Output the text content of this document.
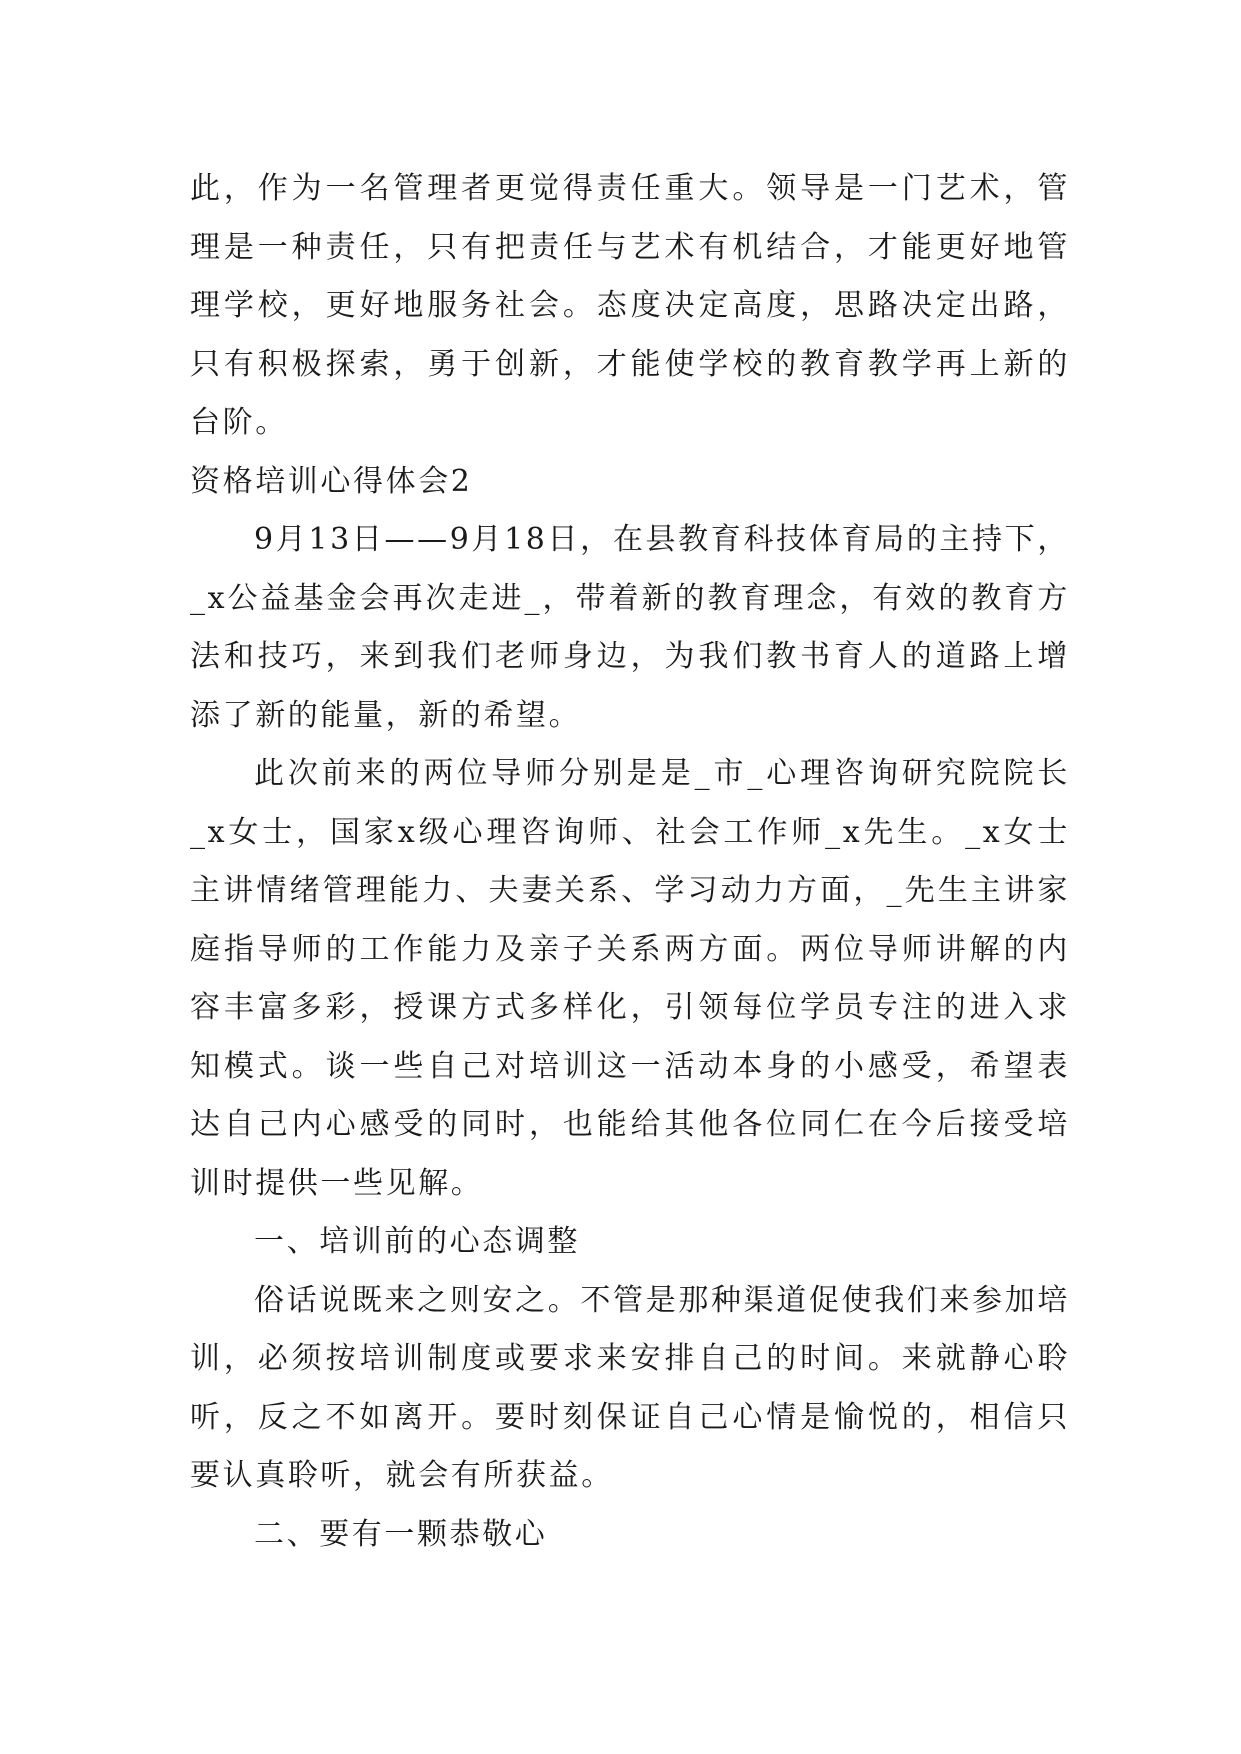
此，作为一名管理者更觉得责任重大。领导是一门艺术，管理是一种责任，只有把责任与艺术有机结合，才能更好地管理学校，更好地服务社会。态度决定高度，思路决定出路，只有积极探索，勇于创新，才能使学校的教育教学再上新的台阶。

资格培训心得体会2

9月13日——9月18日，在县教育科技体育局的主持下，_x公益基金会再次走进_，带着新的教育理念，有效的教育方法和技巧，来到我们老师身边，为我们教书育人的道路上增添了新的能量，新的希望。

此次前来的两位导师分别是是_市_心理咨询研究院院长_x女士，国家x级心理咨询师、社会工作师_x先生。_x女士主讲情绪管理能力、夫妻关系、学习动力方面，_先生主讲家庭指导师的工作能力及亲子关系两方面。两位导师讲解的内容丰富多彩，授课方式多样化，引领每位学员专注的进入求知模式。谈一些自己对培训这一活动本身的小感受，希望表达自己内心感受的同时，也能给其他各位同仁在今后接受培训时提供一些见解。

一、培训前的心态调整

俗话说既来之则安之。不管是那种渠道促使我们来参加培训，必须按培训制度或要求来安排自己的时间。来就静心聆听，反之不如离开。要时刻保证自己心情是愉悦的，相信只要认真聆听，就会有所获益。

二、要有一颗恭敬心
